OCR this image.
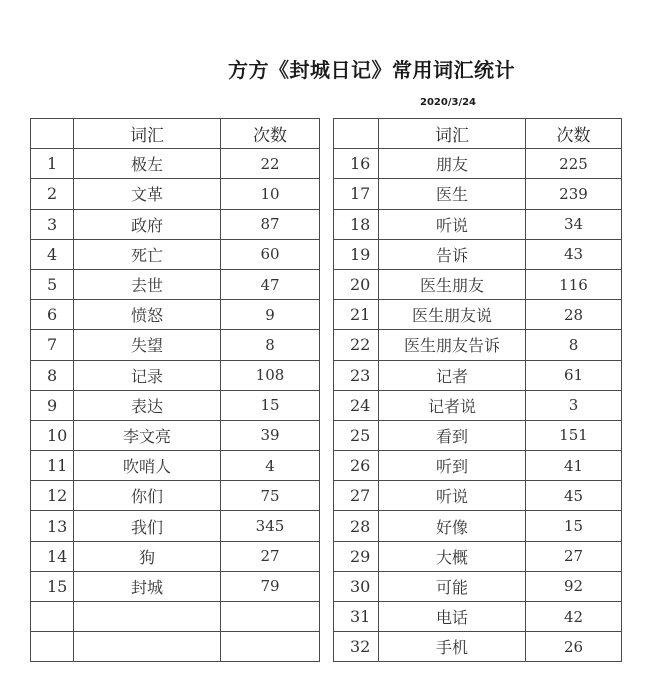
方方《封城日记》常用词汇统计
2020/3/24
	词汇	次数
1	极左	22
2	文革	10
3	政府	87
4	死亡	60
5	去世	47
6	愤怒	9
7	失望	8
8	记录	108
9	表达	15
10	李文亮	39
11	吹哨人	4
12	你们	75
13	我们	345
14	狗	27
15	封城	79

	词汇	次数
16	朋友	225
17	医生	239
18	听说	34
19	告诉	43
20	医生朋友	116
21	医生朋友说	28
22	医生朋友告诉	8
23	记者	61
24	记者说	3
25	看到	151
26	听到	41
27	听说	45
28	好像	15
29	大概	27
30	可能	92
31	电话	42
32	手机	26
